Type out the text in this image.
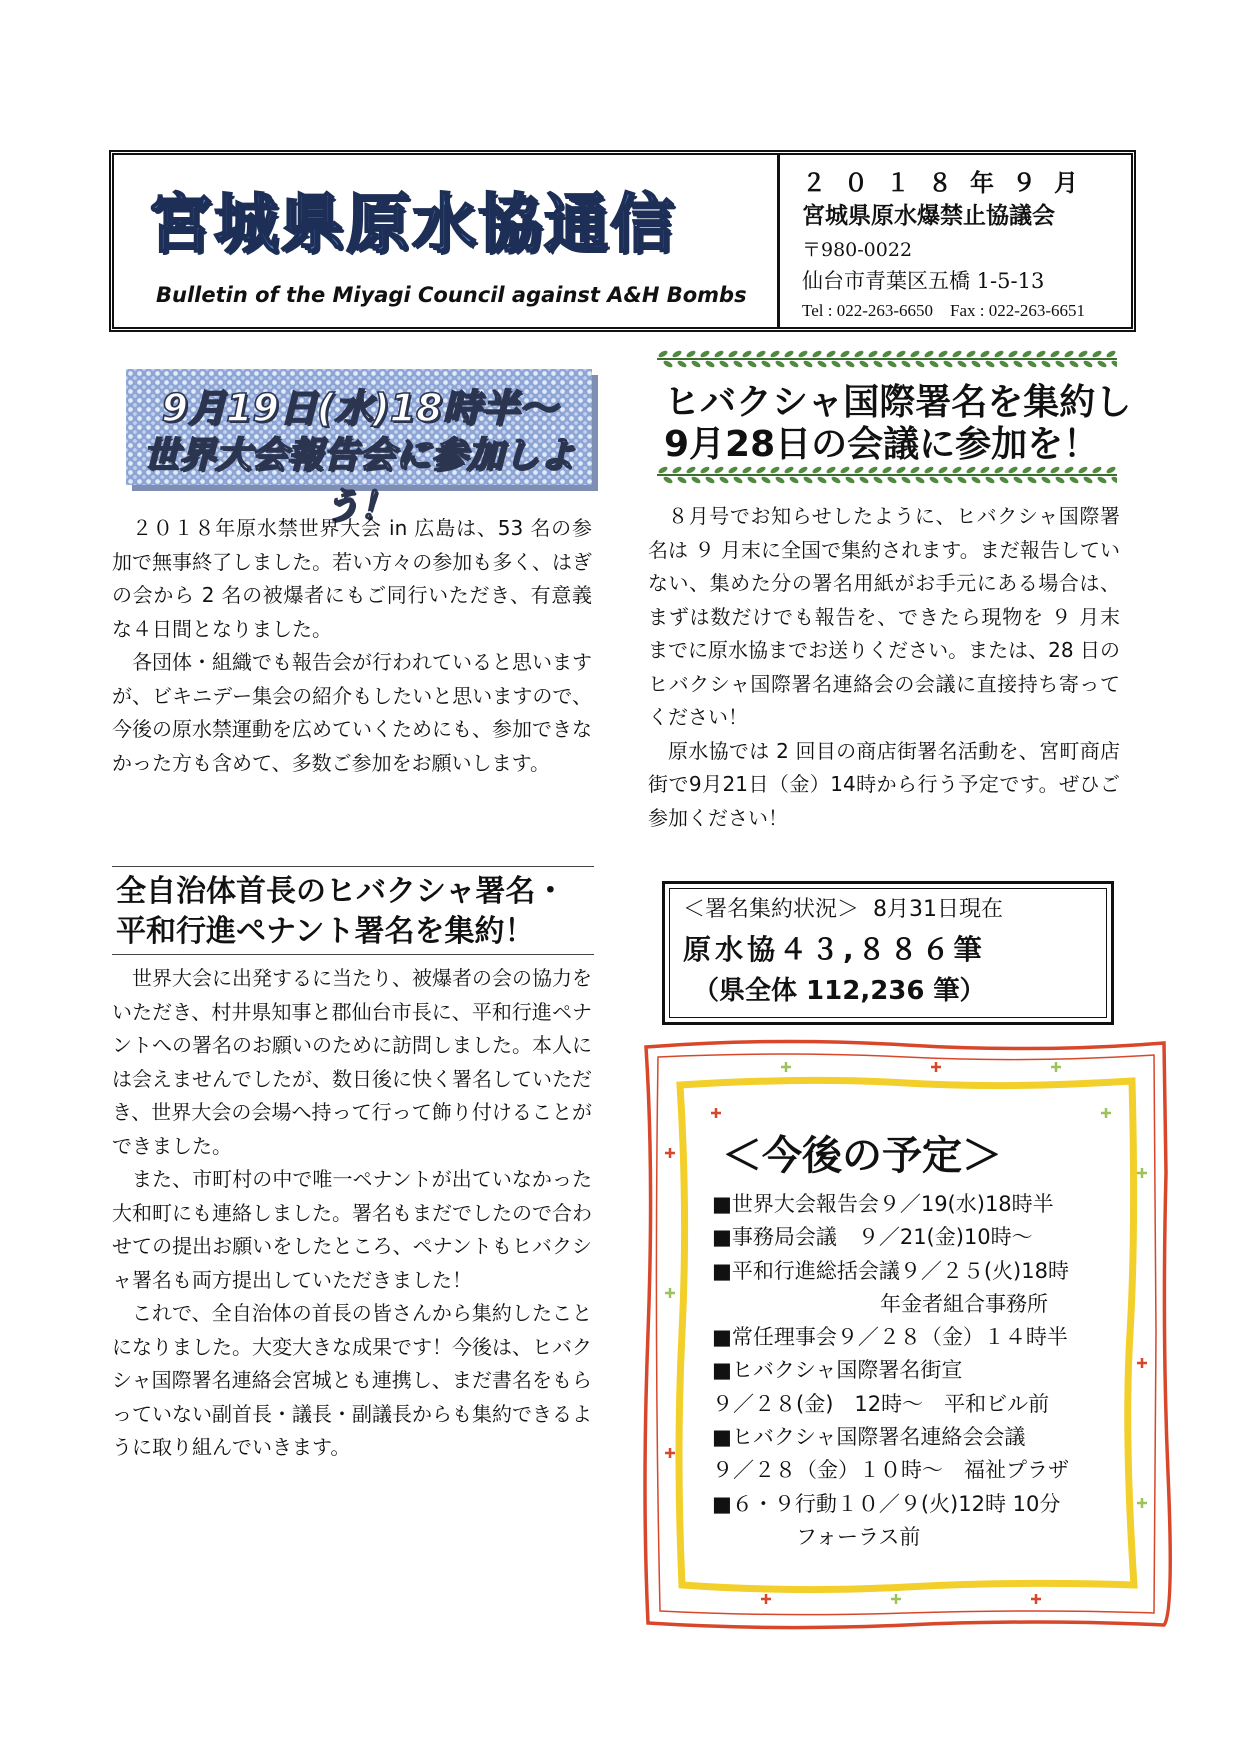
宮城県原水協通信
Bulletin of the Miyagi Council against A&H Bombs
２０１８年９月
宮城県原水爆禁止協議会
〒980-0022
仙台市青葉区五橋 1-5-13
Tel : 022-263-6650    Fax : 022-263-6651
9月19日(水)18時半～
世界大会報告会に参加しよう！

２０１８年原水禁世界大会 in 広島は、53 名の参加で無事終了しました。若い方々の参加も多く、はぎの会から 2 名の被爆者にもご同行いただき、有意義な４日間となりました。

各団体・組織でも報告会が行われていると思いますが、ビキニデー集会の紹介もしたいと思いますので、今後の原水禁運動を広めていくためにも、参加できなかった方も含めて、多数ご参加をお願いします。

全自治体首長のヒバクシャ署名・
平和行進ペナント署名を集約！

世界大会に出発するに当たり、被爆者の会の協力をいただき、村井県知事と郡仙台市長に、平和行進ペナントへの署名のお願いのために訪問しました。本人には会えませんでしたが、数日後に快く署名していただき、世界大会の会場へ持って行って飾り付けることができました。

また、市町村の中で唯一ペナントが出ていなかった大和町にも連絡しました。署名もまだでしたので合わせての提出お願いをしたところ、ペナントもヒバクシャ署名も両方提出していただきました！

これで、全自治体の首長の皆さんから集約したことになりました。大変大きな成果です！今後は、ヒバクシャ国際署名連絡会宮城とも連携し、まだ書名をもらっていない副首長・議長・副議長からも集約できるように取り組んでいきます。

ヒバクシャ国際署名を集約し
9月28日の会議に参加を！

８月号でお知らせしたように、ヒバクシャ国際署名は ９ 月末に全国で集約されます。まだ報告していない、集めた分の署名用紙がお手元にある場合は、まずは数だけでも報告を、できたら現物を ９ 月末までに原水協までお送りください。または、28 日のヒバクシャ国際署名連絡会の会議に直接持ち寄ってください！

原水協では 2 回目の商店街署名活動を、宮町商店街で9月21日（金）14時から行う予定です。ぜひご参加ください！

＜署名集約状況＞  8月31日現在
原水協４３,８８６筆
（県全体 112,236 筆）
＜今後の予定＞
■世界大会報告会９／19(水)18時半
■事務局会議　９／21(金)10時～
■平和行進総括会議９／２５(火)18時
　　　　　　　　年金者組合事務所
■常任理事会９／２８（金）１４時半
■ヒバクシャ国際署名街宣
９／２８(金)　12時～　平和ビル前
■ヒバクシャ国際署名連絡会会議
９／２８（金）１０時～　福祉プラザ
■６・９行動１０／９(火)12時 10分
　　　　フォーラス前
